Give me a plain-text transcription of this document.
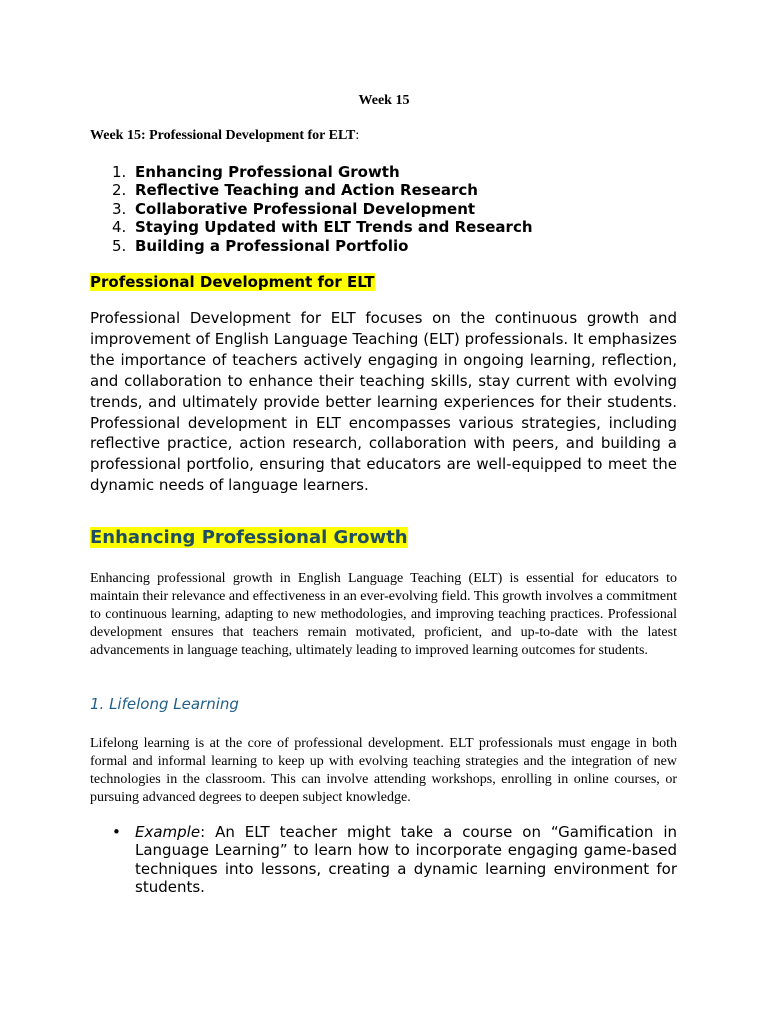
Week 15
Week 15: Professional Development for ELT:
1. Enhancing Professional Growth
2. Reflective Teaching and Action Research
3. Collaborative Professional Development
4. Staying Updated with ELT Trends and Research
5. Building a Professional Portfolio
Professional Development for ELT

Professional Development for ELT focuses on the continuous growth and improvement of English Language Teaching (ELT) professionals. It emphasizes the importance of teachers actively engaging in ongoing learning, reflection, and collaboration to enhance their teaching skills, stay current with evolving trends, and ultimately provide better learning experiences for their students. Professional development in ELT encompasses various strategies, including reflective practice, action research, collaboration with peers, and building a professional portfolio, ensuring that educators are well-equipped to meet the dynamic needs of language learners.

Enhancing Professional Growth

Enhancing professional growth in English Language Teaching (ELT) is essential for educators to maintain their relevance and effectiveness in an ever-evolving field. This growth involves a commitment to continuous learning, adapting to new methodologies, and improving teaching practices. Professional development ensures that teachers remain motivated, proficient, and up-to-date with the latest advancements in language teaching, ultimately leading to improved learning outcomes for students.

1. Lifelong Learning

Lifelong learning is at the core of professional development. ELT professionals must engage in both formal and informal learning to keep up with evolving teaching strategies and the integration of new technologies in the classroom. This can involve attending workshops, enrolling in online courses, or pursuing advanced degrees to deepen subject knowledge.

• Example: An ELT teacher might take a course on “Gamification in Language Learning” to learn how to incorporate engaging game-based techniques into lessons, creating a dynamic learning environment for students.
